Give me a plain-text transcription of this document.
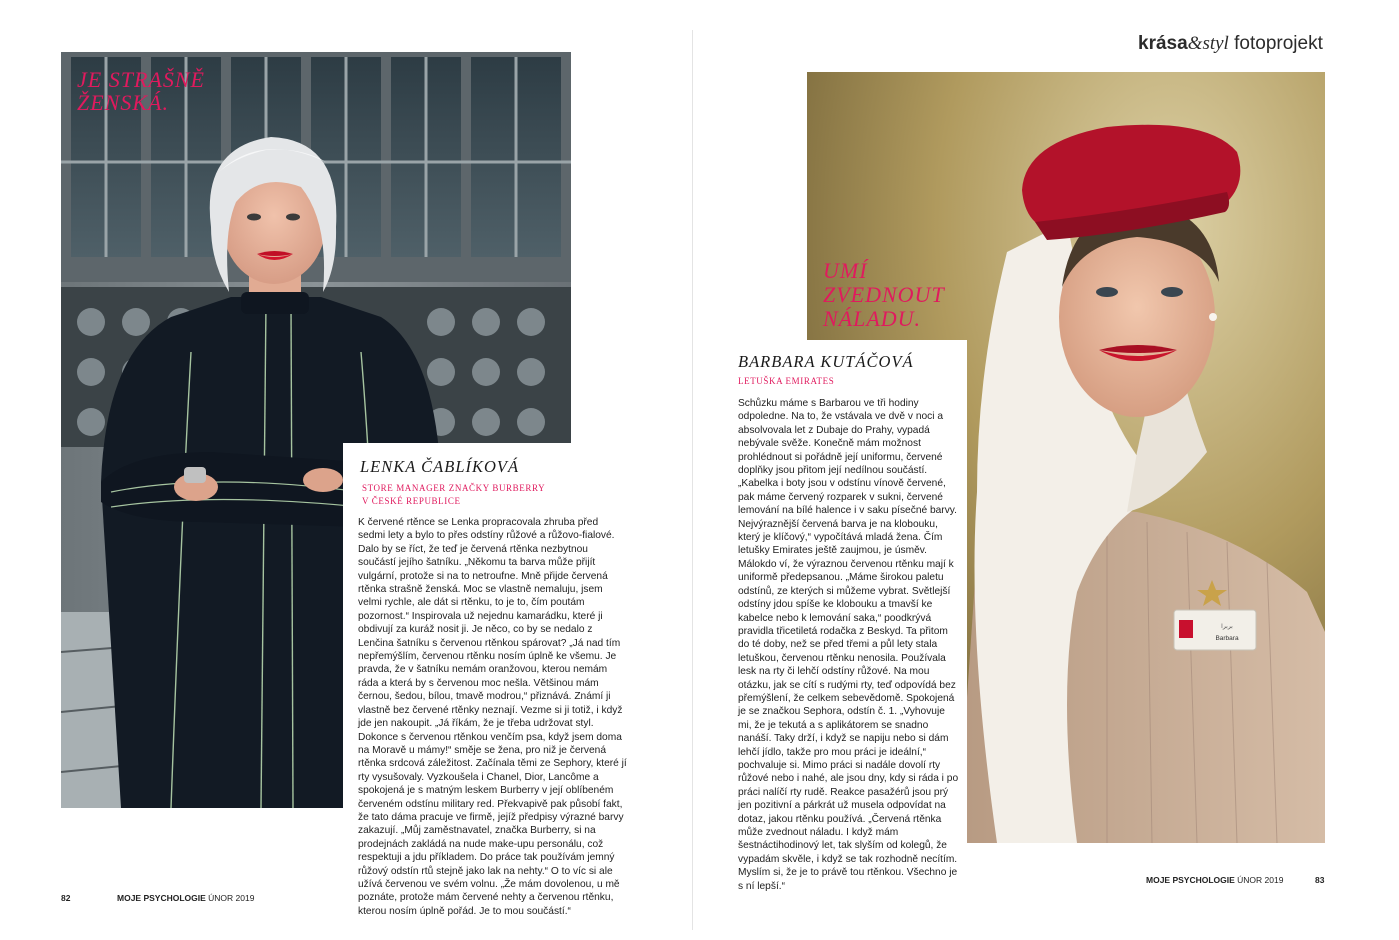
بربرا
Barbara
JE STRAŠNĚ
ŽENSKÁ.
UMÍ
ZVEDNOUT
NÁLADU.
LENKA ČABLÍKOVÁ
STORE MANAGER ZNAČKY BURBERRY
V ČESKÉ REPUBLICE

K červené rtěnce se Lenka propracovala zhruba před sedmi lety a bylo to přes odstíny růžové a růžovo-fialové. Dalo by se říct, že teď je červená rtěnka nezbytnou součástí jejího šatníku. „Někomu ta barva může přijít vulgární, protože si na to netroufne. Mně přijde červená rtěnka strašně ženská. Moc se vlastně nemaluju, jsem velmi rychle, ale dát si rtěnku, to je to, čím poutám pozornost.“ Inspirovala už nejednu kamarádku, které ji obdivují za kuráž nosit ji. Je něco, co by se nedalo z Lenčina šatníku s červenou rtěnkou spárovat? „Já nad tím nepřemýšlím, červenou rtěnku nosím úplně ke všemu. Je pravda, že v šatníku nemám oranžovou, kterou nemám ráda a která by s červenou moc nešla. Většinou mám černou, šedou, bílou, tmavě modrou,“ přiznává. Známí ji vlastně bez červené rtěnky neznají. Vezme si ji totiž, i když jde jen nakoupit. „Já říkám, že je třeba udržovat styl. Dokonce s červenou rtěnkou venčím psa, když jsem doma na Moravě u mámy!“ směje se žena, pro niž je červená rtěnka srdcová záležitost. Začínala těmi ze Sephory, které jí rty vysušovaly. Vyzkoušela i Chanel, Dior, Lancôme a spokojená je s matným leskem Burberry v její oblíbeném červeném odstínu military red. Překvapivě pak působí fakt, že tato dáma pracuje ve firmě, jejíž předpisy výrazné barvy zakazují. „Můj zaměstnavatel, značka Burberry, si na prodejnách zakládá na nude make-upu personálu, což respektuji a jdu příkladem. Do práce tak používám jemný růžový odstín rtů stejně jako lak na nehty.“ O to víc si ale užívá červenou ve svém volnu. „Že mám dovolenou, u mě poznáte, protože mám červené nehty a červenou rtěnku, kterou nosím úplně pořád. Je to mou součástí.“

BARBARA KUTÁČOVÁ
LETUŠKA EMIRATES

Schůzku máme s Barbarou ve tři hodiny odpoledne. Na to, že vstávala ve dvě v noci a absolvovala let z Dubaje do Prahy, vypadá nebývale svěže. Konečně mám možnost prohlédnout si pořádně její uniformu, červené doplňky jsou přitom její nedílnou součástí. „Kabelka i boty jsou v odstínu vínově červené, pak máme červený rozparek v sukni, červené lemování na bílé halence i v saku písečné barvy. Nejvýraznější červená barva je na klobouku, který je klíčový,“ vypočítává mladá žena. Čím letušky Emirates ještě zaujmou, je úsměv. Málokdo ví, že výraznou červenou rtěnku mají k uniformě předepsanou. „Máme širokou paletu odstínů, ze kterých si můžeme vybrat. Světlejší odstíny jdou spíše ke klobouku a tmavší ke kabelce nebo k lemování saka,“ poodkrývá pravidla třicetiletá rodačka z Beskyd. Ta přitom do té doby, než se před třemi a půl lety stala letuškou, červenou rtěnku nenosila. Používala lesk na rty či lehčí odstíny růžové. Na mou otázku, jak se cítí s rudými rty, teď odpovídá bez přemýšlení, že celkem sebevědomě. Spokojená je se značkou Sephora, odstín č. 1. „Vyhovuje mi, že je tekutá a s aplikátorem se snadno nanáší. Taky drží, i když se napiju nebo si dám lehčí jídlo, takže pro mou práci je ideální,“ pochvaluje si. Mimo práci si nadále dovolí rty růžové nebo i nahé, ale jsou dny, kdy si ráda i po práci nalíčí rty rudě. Reakce pasažérů jsou prý jen pozitivní a párkrát už musela odpovídat na dotaz, jakou rtěnku používá. „Červená rtěnka může zvednout náladu. I když mám šestnáctihodinový let, tak slyším od kolegů, že vypadám skvěle, i když se tak rozhodně necítím. Myslím si, že je to právě tou rtěnkou. Všechno je s ní lepší.“

krása&styl fotoprojekt
82	MOJE PSYCHOLOGIE ÚNOR 2019
MOJE PSYCHOLOGIE ÚNOR 2019	83
